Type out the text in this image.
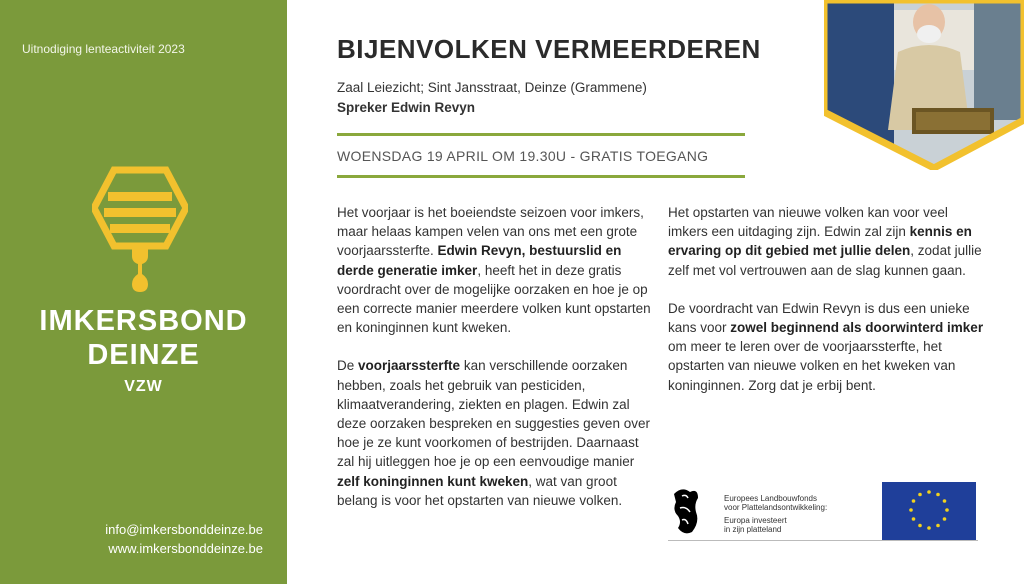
Uitnodiging lenteactiviteit 2023
IMKERSBOND
DEINZE
VZW
info@imkersbonddeinze.be
www.imkersbonddeinze.be
BIJENVOLKEN VERMEERDEREN
Zaal Leiezicht; Sint Jansstraat, Deinze (Grammene)
Spreker Edwin Revyn
WOENSDAG 19 APRIL OM 19.30U - GRATIS TOEGANG

Het voorjaar is het boeiendste seizoen voor imkers, maar helaas kampen velen van ons met een grote voorjaarssterfte. Edwin Revyn, bestuurslid en derde generatie imker, heeft het in deze gratis voordracht over de mogelijke oorzaken en hoe je op een correcte manier meerdere volken kunt opstarten en koninginnen kunt kweken.

De voorjaarssterfte kan verschillende oorzaken hebben, zoals het gebruik van pesticiden, klimaatverandering, ziekten en plagen. Edwin zal deze oorzaken bespreken en suggesties geven over hoe je ze kunt voorkomen of bestrijden. Daarnaast zal hij uitleggen hoe je op een eenvoudige manier zelf koninginnen kunt kweken, wat van groot belang is voor het opstarten van nieuwe volken.

Het opstarten van nieuwe volken kan voor veel imkers een uitdaging zijn. Edwin zal zijn kennis en ervaring op dit gebied met jullie delen, zodat jullie zelf met vol vertrouwen aan de slag kunnen gaan.

De voordracht van Edwin Revyn is dus een unieke kans voor zowel beginnend als doorwinterd imker om meer te leren over de voorjaarssterfte, het opstarten van nieuwe volken en het kweken van koninginnen. Zorg dat je erbij bent.

Europees Landbouwfonds
voor Plattelandsontwikkeling:
Europa investeert
in zijn platteland
